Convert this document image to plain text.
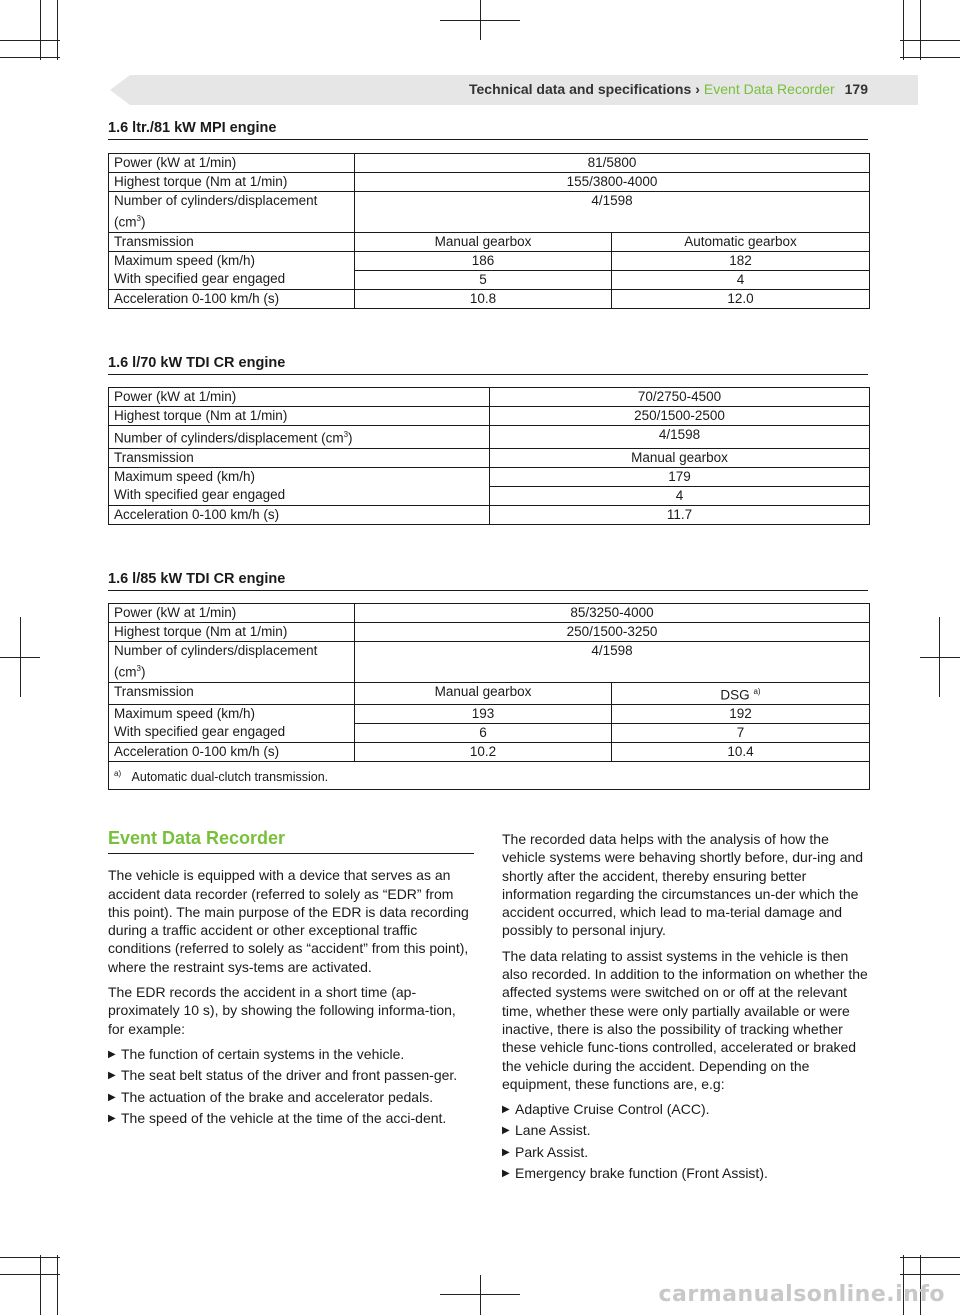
Technical data and specifications › Event Data Recorder 179
1.6 ltr./81 kW MPI engine
Power (kW at 1/min)	81/5800	
Highest torque (Nm at 1/min)	155/3800-4000	
Number of cylinders/displacement $(cm^3)$	4/1598	
Transmission	Manual gearbox	Automatic gearbox

Maximum speed (km/h)
With specified gear engaged	186	182
	5	4
Acceleration 0-100 km/h (s)	10.8	12.0
1.6 l/70 kW TDI CR engine
Power (kW at 1/min)	70/2750-4500
Highest torque (Nm at 1/min)	250/1500-2500
Number of cylinders/displacement $(cm^3)$	4/1598
Transmission	Manual gearbox

Maximum speed (km/h)
With specified gear engaged	179
	4
Acceleration 0-100 km/h (s)	11.7
1.6 l/85 kW TDI CR engine
Power (kW at 1/min)	85/3250-4000	
Highest torque (Nm at 1/min)	250/1500-3250	
Number of cylinders/displacement $(cm^3)$	4/1598	
Transmission	Manual gearbox	DSG $^{a)}$

Maximum speed (km/h)
With specified gear engaged	193	192
	6	7
Acceleration 0-100 km/h (s)	10.2	10.4
$^{a)}$ Automatic dual-clutch transmission.		
Event Data Recorder

The vehicle is equipped with a device that serves as an accident data recorder (referred to solely as “EDR” from this point). The main purpose of the EDR is data recording during a traffic accident or other exceptional traffic conditions (referred to solely as “accident” from this point), where the restraint sys-tems are activated.

The EDR records the accident in a short time (ap-proximately 10 s), by showing the following informa-tion, for example:

▶ The function of certain systems in the vehicle.
▶ The seat belt status of the driver and front passen-ger.
▶ The actuation of the brake and accelerator pedals.
▶ The speed of the vehicle at the time of the acci-dent.

The recorded data helps with the analysis of how the vehicle systems were behaving shortly before, dur-ing and shortly after the accident, thereby ensuring better information regarding the circumstances un-der which the accident occurred, which lead to ma-terial damage and possibly to personal injury.

The data relating to assist systems in the vehicle is then also recorded. In addition to the information on whether the affected systems were switched on or off at the relevant time, whether these were only partially available or were inactive, there is also the possibility of tracking whether these vehicle func-tions controlled, accelerated or braked the vehicle during the accident. Depending on the equipment, these functions are, e.g:

▶ Adaptive Cruise Control (ACC).
▶ Lane Assist.
▶ Park Assist.
▶ Emergency brake function (Front Assist).
carmanualsonline.info
